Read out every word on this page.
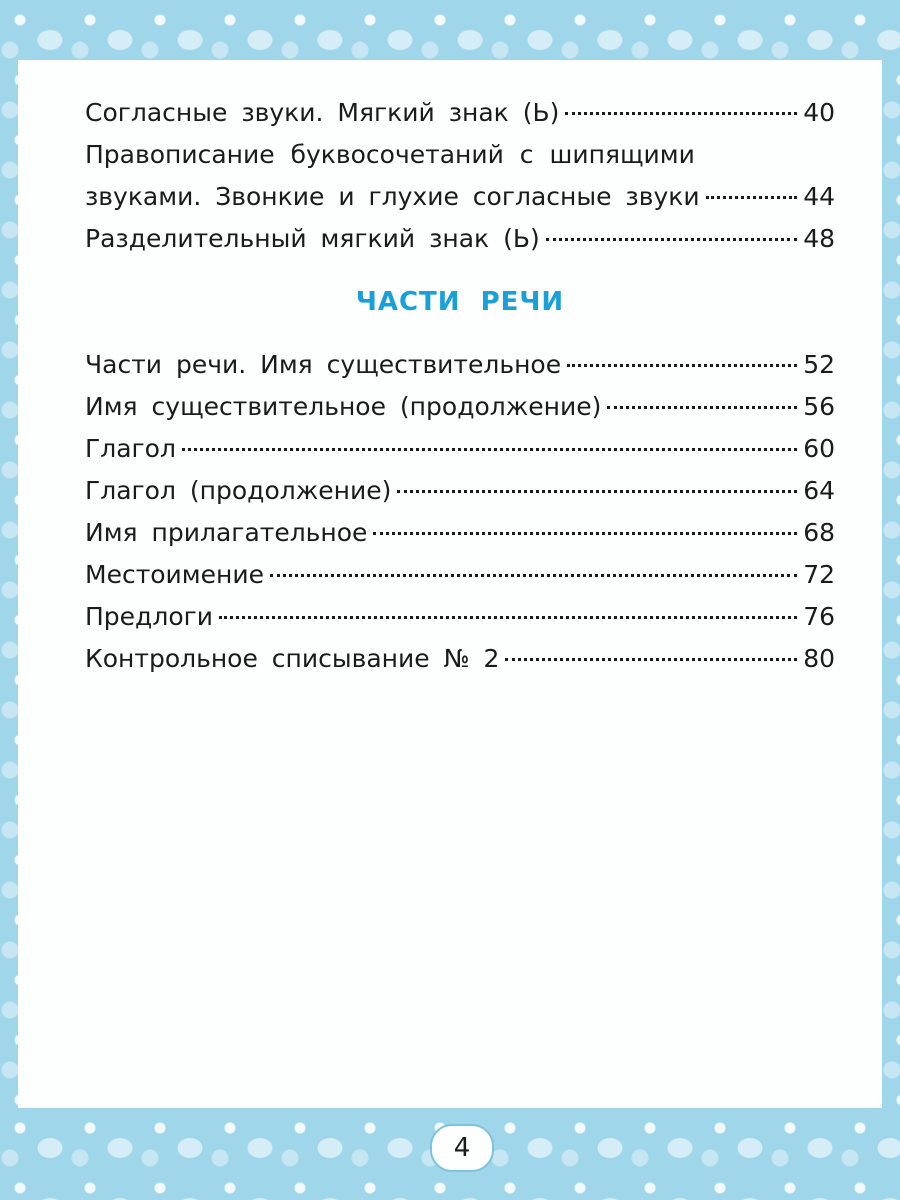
Согласные звуки. Мягкий знак (Ь)	40
Правописание буквосочетаний с шипящими
звуками. Звонкие и глухие согласные звуки	44
Разделительный мягкий знак (Ь)	48
ЧАСТИ РЕЧИ
Части речи. Имя существительное	52
Имя существительное (продолжение)	56
Глагол	60
Глагол (продолжение)	64
Имя прилагательное	68
Местоимение	72
Предлоги	76
Контрольное списывание № 2	80
4
